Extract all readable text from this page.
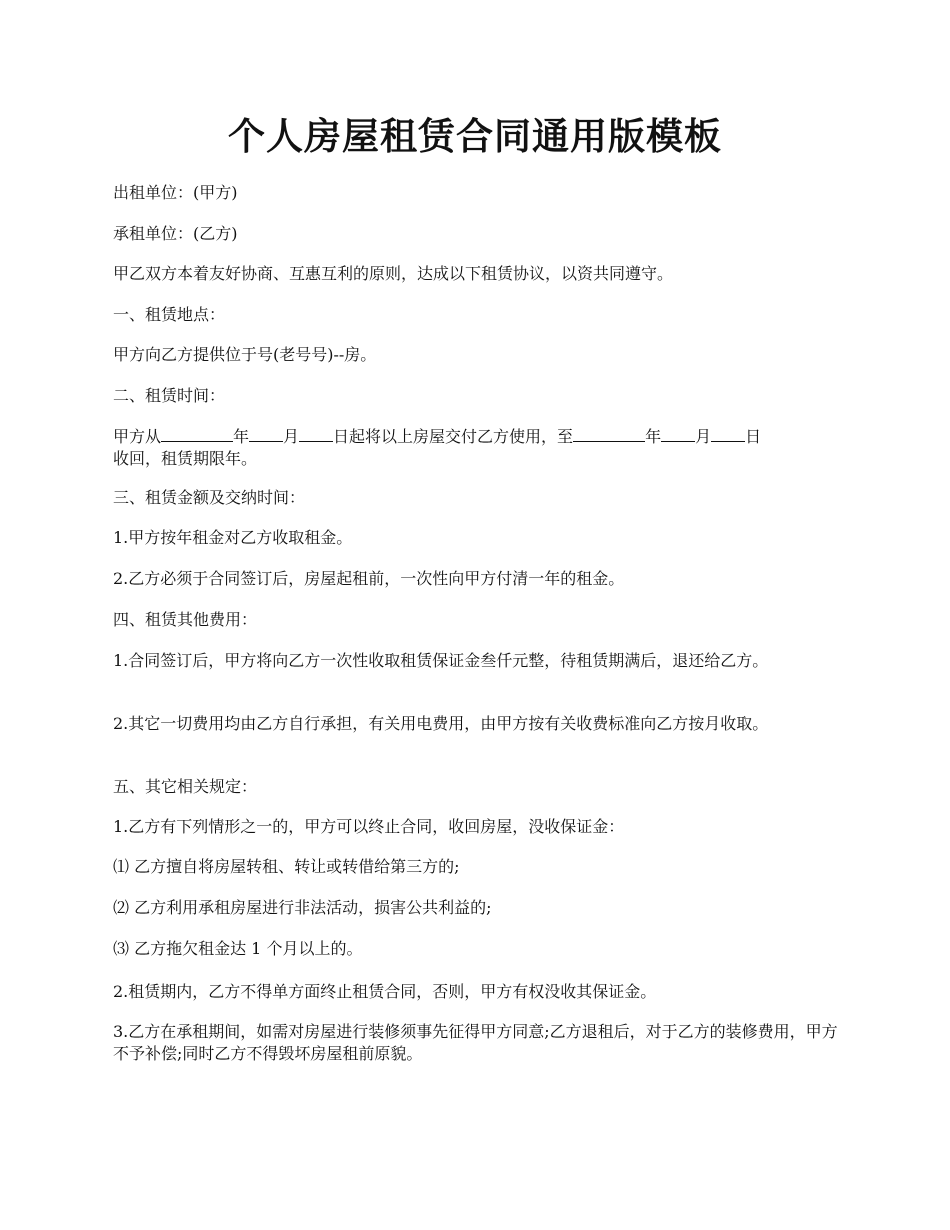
个人房屋租赁合同通用版模板

出租单位：(甲方)

承租单位：(乙方)

甲乙双方本着友好协商、互惠互利的原则，达成以下租赁协议，以资共同遵守。

一、租赁地点：

甲方向乙方提供位于号(老号号)--房。

二、租赁时间：

甲方从	年 月 日起将以上房屋交付乙方使用，至	年 月 日
收回，租赁期限年。

三、租赁金额及交纳时间：

1.甲方按年租金对乙方收取租金。

2.乙方必须于合同签订后，房屋起租前，一次性向甲方付清一年的租金。

四、租赁其他费用：

1.合同签订后，甲方将向乙方一次性收取租赁保证金叁仟元整，待租赁期满后，退还给乙方。

2.其它一切费用均由乙方自行承担，有关用电费用，由甲方按有关收费标准向乙方按月收取。

五、其它相关规定：

1.乙方有下列情形之一的，甲方可以终止合同，收回房屋，没收保证金：

⑴ 乙方擅自将房屋转租、转让或转借给第三方的;

⑵ 乙方利用承租房屋进行非法活动，损害公共利益的;

⑶ 乙方拖欠租金达 1 个月以上的。

2.租赁期内，乙方不得单方面终止租赁合同，否则，甲方有权没收其保证金。

3.乙方在承租期间，如需对房屋进行装修须事先征得甲方同意;乙方退租后，对于乙方的装修费用，甲方不予补偿;同时乙方不得毁坏房屋租前原貌。
